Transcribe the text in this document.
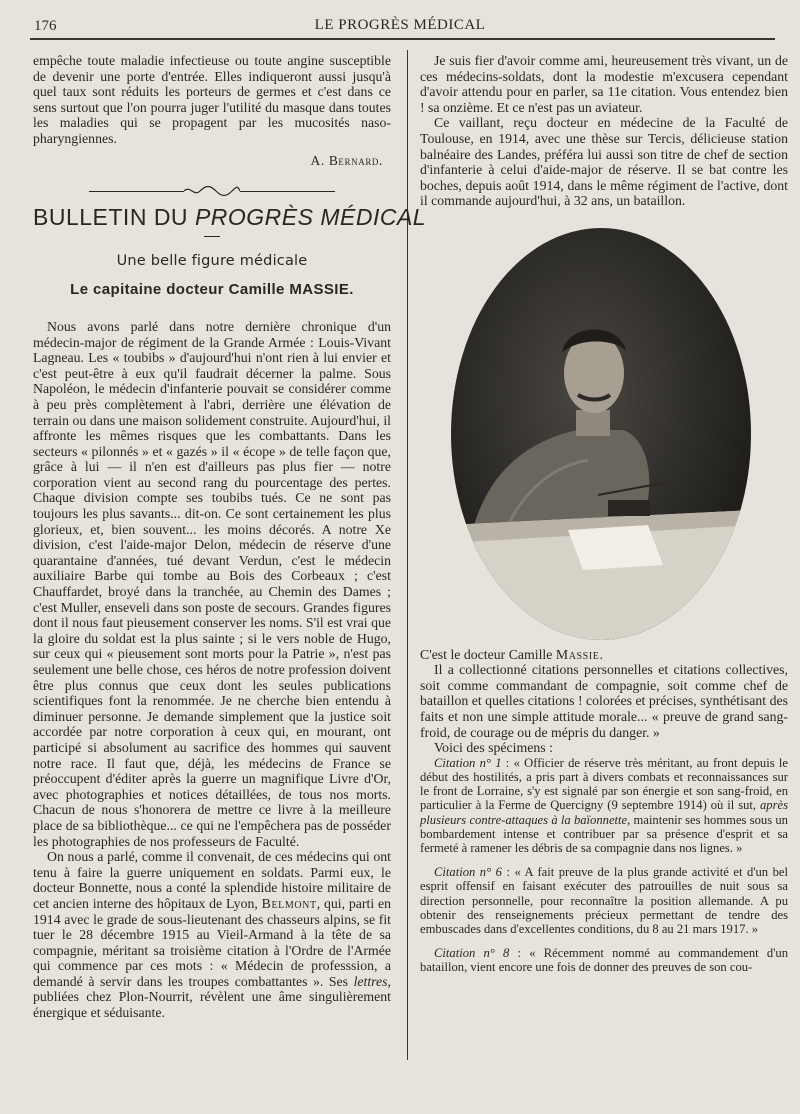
176	LE PROGRÈS MÉDICAL

empêche toute maladie infectieuse ou toute angine susceptible de devenir une porte d'entrée. Elles indiqueront aussi jusqu'à quel taux sont réduits les porteurs de germes et c'est dans ce sens surtout que l'on pourra juger l'utilité du masque dans toutes les maladies qui se propagent par les mucosités naso-pharyngiennes.

A. Bernard.
BULLETIN DU PROGRÈS MÉDICAL
Une belle figure médicale
Le capitaine docteur Camille MASSIE.

Nous avons parlé dans notre dernière chronique d'un médecin-major de régiment de la Grande Armée : Louis-Vivant Lagneau. Les « toubibs » d'aujourd'hui n'ont rien à lui envier et c'est peut-être à eux qu'il faudrait décerner la palme. Sous Napoléon, le médecin d'infanterie pouvait se considérer comme à peu près complètement à l'abri, derrière une élévation de terrain ou dans une maison solidement construite. Aujourd'hui, il affronte les mêmes risques que les combattants. Dans les secteurs « pilonnés » et « gazés » il « écope » de telle façon que, grâce à lui — il n'en est d'ailleurs pas plus fier — notre corporation vient au second rang du pourcentage des pertes. Chaque division compte ses toubibs tués. Ce ne sont pas toujours les plus savants... dit-on. Ce sont certainement les plus glorieux, et, bien souvent... les moins décorés. A notre Xe division, c'est l'aide-major Delon, médecin de réserve d'une quarantaine d'années, tué devant Verdun, c'est le médecin auxiliaire Barbe qui tombe au Bois des Corbeaux ; c'est Chauffardet, broyé dans la tranchée, au Chemin des Dames ; c'est Muller, enseveli dans son poste de secours. Grandes figures dont il nous faut pieusement conserver les noms. S'il est vrai que la gloire du soldat est la plus sainte ; si le vers noble de Hugo, sur ceux qui « pieusement sont morts pour la Patrie », n'est pas seulement une belle chose, ces héros de notre profession doivent être plus connus que ceux dont les seules publications scientifiques font la renommée. Je ne cherche bien entendu à diminuer personne. Je demande simplement que la justice soit accordée par notre corporation à ceux qui, en mourant, ont participé si absolument au sacrifice des hommes qui sauvent notre race. Il faut que, déjà, les médecins de France se préoccupent d'éditer après la guerre un magnifique Livre d'Or, avec photographies et notices détaillées, de tous nos morts. Chacun de nous s'honorera de mettre ce livre à la meilleure place de sa bibliothèque... ce qui ne l'empêchera pas de posséder les photographies de nos professeurs de Faculté.

On nous a parlé, comme il convenait, de ces médecins qui ont tenu à faire la guerre uniquement en soldats. Parmi eux, le docteur Bonnette, nous a conté la splendide histoire militaire de cet ancien interne des hôpitaux de Lyon, Belmont, qui, parti en 1914 avec le grade de sous-lieutenant des chasseurs alpins, se fit tuer le 28 décembre 1915 au Vieil-Armand à la tête de sa compagnie, méritant sa troisième citation à l'Ordre de l'Armée qui commence par ces mots : « Médecin de professsion, a demandé à servir dans les troupes combattantes ». Ses lettres, publiées chez Plon-Nourrit, révèlent une âme singulièrement énergique et séduisante.

Je suis fier d'avoir comme ami, heureusement très vivant, un de ces médecins-soldats, dont la modestie m'excusera cependant d'avoir attendu pour en parler, sa 11e citation. Vous entendez bien ! sa onzième. Et ce n'est pas un aviateur.

Ce vaillant, reçu docteur en médecine de la Faculté de Toulouse, en 1914, avec une thèse sur Tercis, délicieuse station balnéaire des Landes, préféra lui aussi son titre de chef de section d'infanterie à celui d'aide-major de réserve. Il se bat contre les boches, depuis août 1914, dans le même régiment de l'active, dont il commande aujourd'hui, à 32 ans, un bataillon.

C'est le docteur Camille Massie.

Il a collectionné citations personnelles et citations collectives, soit comme commandant de compagnie, soit comme chef de bataillon et quelles citations ! colorées et précises, synthétisant des faits et non une simple attitude morale... « preuve de grand sang-froid, de courage ou de mépris du danger. »

Voici des spécimens :

Citation n° 1 : « Officier de réserve très méritant, au front depuis le début des hostilités, a pris part à divers combats et reconnaissances sur le front de Lorraine, s'y est signalé par son énergie et son sang-froid, en particulier à la Ferme de Quercigny (9 septembre 1914) où il sut, après plusieurs contre-attaques à la baïonnette, maintenir ses hommes sous un bombardement intense et contribuer par sa présence d'esprit et sa fermeté à ramener les débris de sa compagnie dans nos lignes. »

Citation n° 6 : « A fait preuve de la plus grande activité et d'un bel esprit offensif en faisant exécuter des patrouilles de nuit sous sa direction personnelle, pour reconnaître la position allemande. A pu obtenir des renseignements précieux permettant de tendre des embuscades dans d'excellentes conditions, du 8 au 21 mars 1917. »

Citation n° 8 : « Récemment nommé au commandement d'un bataillon, vient encore une fois de donner des preuves de son cou-
